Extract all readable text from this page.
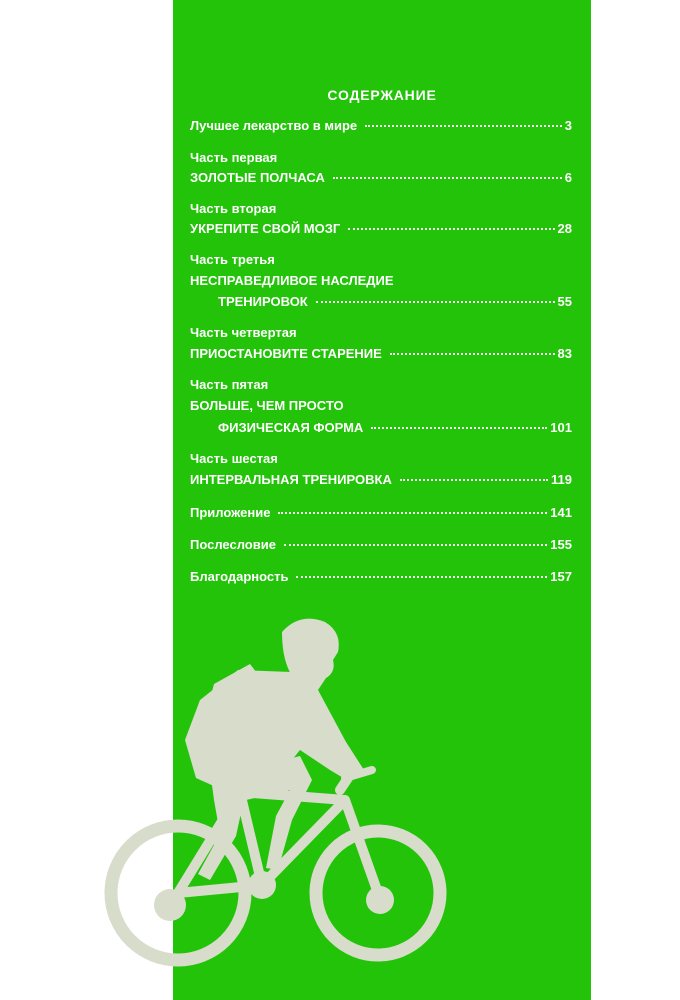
СОДЕРЖАНИЕ
Лучшее лекарство в мире	3
Часть первая
ЗОЛОТЫЕ ПОЛЧАСА	6
Часть вторая
УКРЕПИТЕ СВОЙ МОЗГ	28
Часть третья
НЕСПРАВЕДЛИВОЕ НАСЛЕДИЕ
ТРЕНИРОВОК	55
Часть четвертая
ПРИОСТАНОВИТЕ СТАРЕНИЕ	83
Часть пятая
БОЛЬШЕ, ЧЕМ ПРОСТО
ФИЗИЧЕСКАЯ ФОРМА	101
Часть шестая
ИНТЕРВАЛЬНАЯ ТРЕНИРОВКА	119
Приложение	141
Послесловие	155
Благодарность	157
